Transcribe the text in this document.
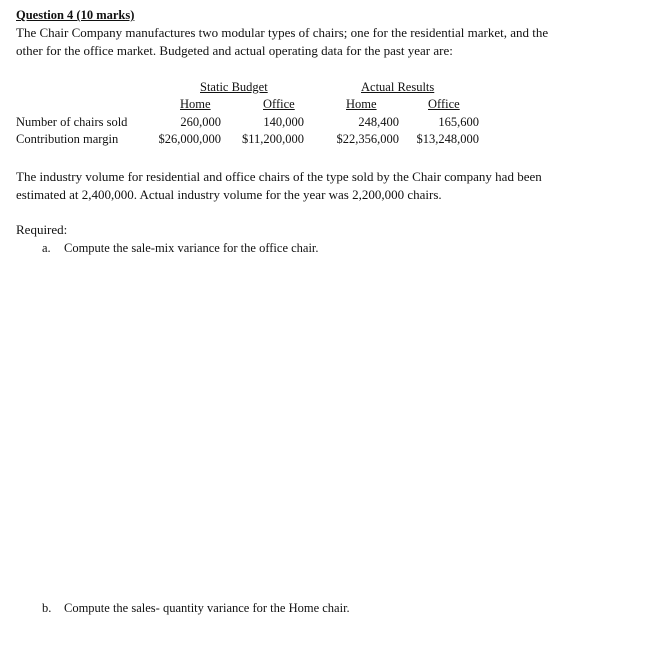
Question 4 (10 marks)
The Chair Company manufactures two modular types of chairs; one for the residential market, and the
other for the office market. Budgeted and actual operating data for the past year are:
Static Budget	Actual Results
Home	Office	Home	Office
Number of chairs sold	260,000	140,000	248,400	165,600
Contribution margin	$26,000,000	$11,200,000	$22,356,000	$13,248,000
The industry volume for residential and office chairs of the type sold by the Chair company had been
estimated at 2,400,000. Actual industry volume for the year was 2,200,000 chairs.
Required:
a. Compute the sale-mix variance for the office chair.
b. Compute the sales- quantity variance for the Home chair.
